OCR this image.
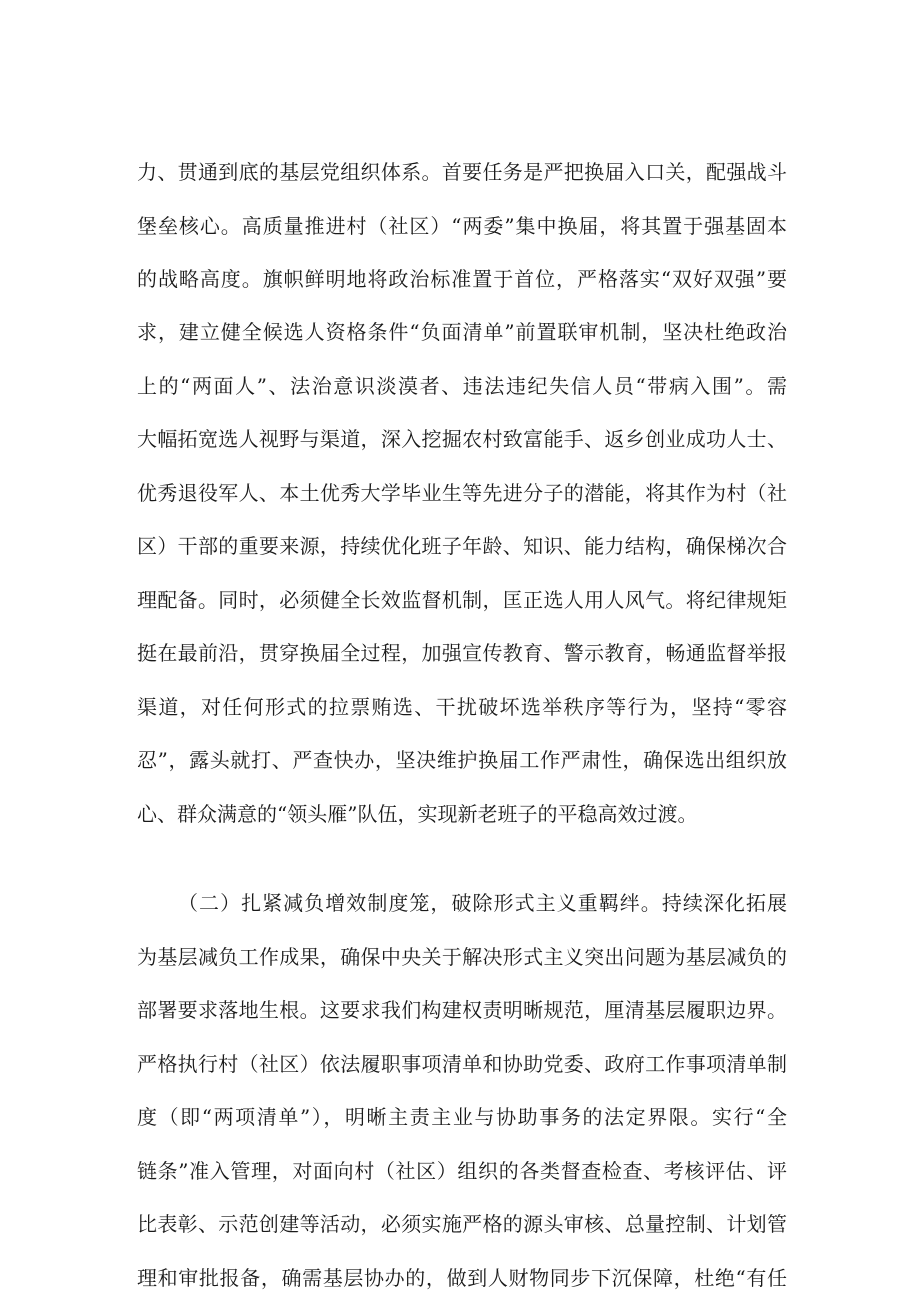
力、贯通到底的基层党组织体系。首要任务是严把换届入口关，配强战斗
堡垒核心。高质量推进村（社区）“两委”集中换届，将其置于强基固本
的战略高度。旗帜鲜明地将政治标准置于首位，严格落实“双好双强”要
求，建立健全候选人资格条件“负面清单”前置联审机制，坚决杜绝政治
上的“两面人”、法治意识淡漠者、违法违纪失信人员“带病入围”。需
大幅拓宽选人视野与渠道，深入挖掘农村致富能手、返乡创业成功人士、
优秀退役军人、本土优秀大学毕业生等先进分子的潜能，将其作为村（社
区）干部的重要来源，持续优化班子年龄、知识、能力结构，确保梯次合
理配备。同时，必须健全长效监督机制，匡正选人用人风气。将纪律规矩
挺在最前沿，贯穿换届全过程，加强宣传教育、警示教育，畅通监督举报
渠道，对任何形式的拉票贿选、干扰破坏选举秩序等行为，坚持“零容
忍”，露头就打、严查快办，坚决维护换届工作严肃性，确保选出组织放
心、群众满意的“领头雁”队伍，实现新老班子的平稳高效过渡。
（二）扎紧减负增效制度笼，破除形式主义重羁绊。持续深化拓展
为基层减负工作成果，确保中央关于解决形式主义突出问题为基层减负的
部署要求落地生根。这要求我们构建权责明晰规范，厘清基层履职边界。
严格执行村（社区）依法履职事项清单和协助党委、政府工作事项清单制
度（即“两项清单”），明晰主责主业与协助事务的法定界限。实行“全
链条”准入管理，对面向村（社区）组织的各类督查检查、考核评估、评
比表彰、示范创建等活动，必须实施严格的源头审核、总量控制、计划管
理和审批报备，确需基层协办的，做到人财物同步下沉保障，杜绝“有任
